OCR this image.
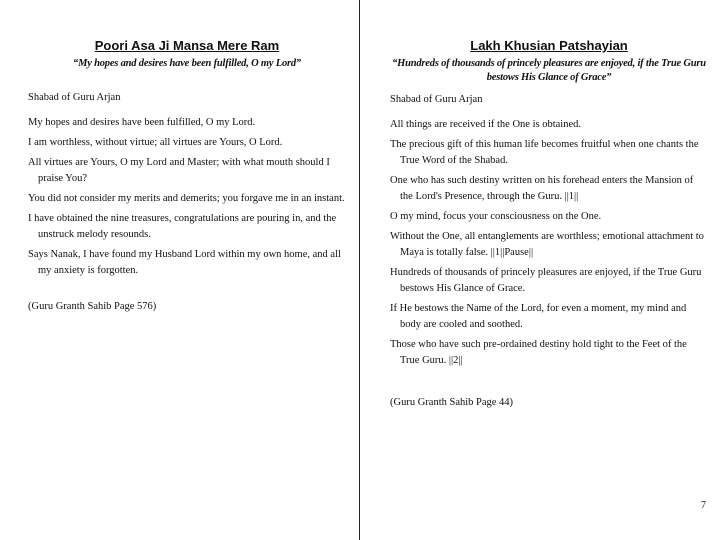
Poori Asa Ji Mansa Mere Ram

“My hopes and desires have been fulfilled, O my Lord”

Shabad of Guru Arjan

My hopes and desires have been fulfilled, O my Lord.

I am worthless, without virtue; all virtues are Yours, O Lord.

All virtues are Yours, O my Lord and Master; with what mouth should I praise You?

You did not consider my merits and demerits; you forgave me in an instant.

I have obtained the nine treasures, congratulations are pouring in, and the unstruck melody resounds.

Says Nanak, I have found my Husband Lord within my own home, and all my anxiety is forgotten.

(Guru Granth Sahib Page 576)

Lakh Khusian Patshayian

“Hundreds of thousands of princely pleasures are enjoyed, if the True Guru bestows His Glance of Grace”

Shabad of Guru Arjan

All things are received if the One is obtained.

The precious gift of this human life becomes fruitful when one chants the True Word of the Shabad.

One who has such destiny written on his forehead enters the Mansion of the Lord's Presence, through the Guru. ||1||

O my mind, focus your consciousness on the One.

Without the One, all entanglements are worthless; emotional attachment to Maya is totally false. ||1||Pause||

Hundreds of thousands of princely pleasures are enjoyed, if the True Guru bestows His Glance of Grace.

If He bestows the Name of the Lord, for even a moment, my mind and body are cooled and soothed.

Those who have such pre-ordained destiny hold tight to the Feet of the True Guru. ||2||

(Guru Granth Sahib Page 44)

7
